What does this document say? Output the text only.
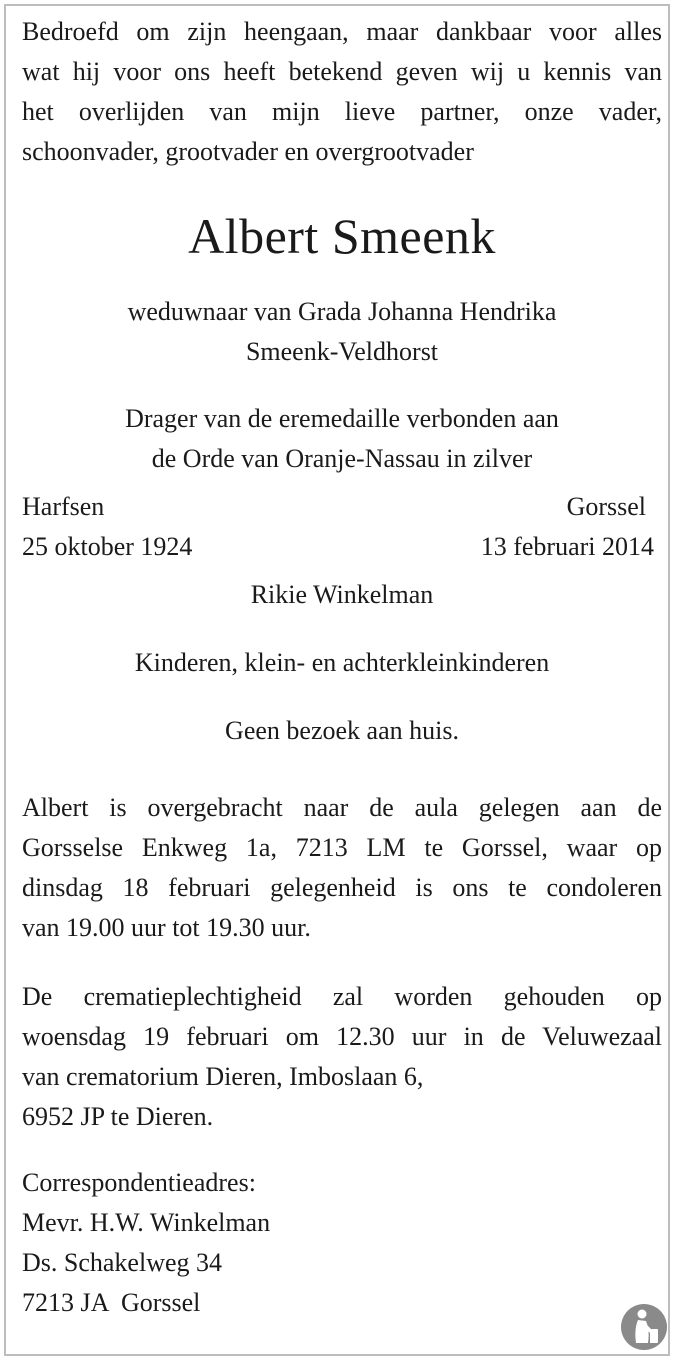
Bedroefd om zijn heengaan, maar dankbaar voor alles
wat hij voor ons heeft betekend geven wij u kennis van
het overlijden van mijn lieve partner, onze vader,
schoonvader, grootvader en overgrootvader
Albert Smeenk
weduwnaar van Grada Johanna Hendrika
Smeenk-Veldhorst
Drager van de eremedaille verbonden aan
de Orde van Oranje-Nassau in zilver
Harfsen	Gorssel
25 oktober 1924	13 februari 2014
Rikie Winkelman
Kinderen, klein- en achterkleinkinderen
Geen bezoek aan huis.
Albert is overgebracht naar de aula gelegen aan de
Gorsselse Enkweg 1a, 7213 LM te Gorssel, waar op
dinsdag 18 februari gelegenheid is ons te condoleren
van 19.00 uur tot 19.30 uur.
De crematieplechtigheid zal worden gehouden op
woensdag 19 februari om 12.30 uur in de Veluwezaal
van crematorium Dieren, Imboslaan 6,
6952 JP te Dieren.
Correspondentieadres:
Mevr. H.W. Winkelman
Ds. Schakelweg 34
7213 JA  Gorssel
